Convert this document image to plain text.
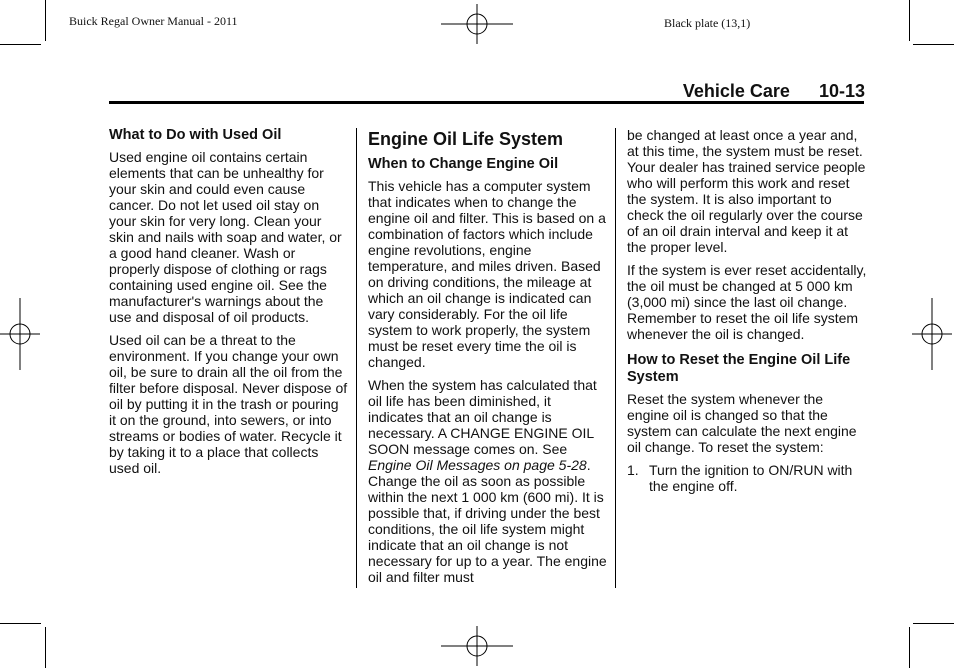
Buick Regal Owner Manual - 2011	Black plate (13,1)
Vehicle Care 10-13
What to Do with Used Oil

Used engine oil contains certain elements that can be unhealthy for your skin and could even cause cancer. Do not let used oil stay on your skin for very long. Clean your skin and nails with soap and water, or a good hand cleaner. Wash or properly dispose of clothing or rags containing used engine oil. See the manufacturer's warnings about the use and disposal of oil products.

Used oil can be a threat to the environment. If you change your own oil, be sure to drain all the oil from the filter before disposal. Never dispose of oil by putting it in the trash or pouring it on the ground, into sewers, or into streams or bodies of water. Recycle it by taking it to a place that collects used oil.

Engine Oil Life System
When to Change Engine Oil

This vehicle has a computer system that indicates when to change the engine oil and filter. This is based on a combination of factors which include engine revolutions, engine temperature, and miles driven. Based on driving conditions, the mileage at which an oil change is indicated can vary considerably. For the oil life system to work properly, the system must be reset every time the oil is changed.

When the system has calculated that oil life has been diminished, it indicates that an oil change is necessary. A CHANGE ENGINE OIL SOON message comes on. See Engine Oil Messages on page 5-28. Change the oil as soon as possible within the next 1 000 km (600 mi). It is possible that, if driving under the best conditions, the oil life system might indicate that an oil change is not necessary for up to a year. The engine oil and filter must

be changed at least once a year and, at this time, the system must be reset. Your dealer has trained service people who will perform this work and reset the system. It is also important to check the oil regularly over the course of an oil drain interval and keep it at the proper level.

If the system is ever reset accidentally, the oil must be changed at 5 000 km (3,000 mi) since the last oil change. Remember to reset the oil life system whenever the oil is changed.

How to Reset the Engine Oil Life System

Reset the system whenever the engine oil is changed so that the system can calculate the next engine oil change. To reset the system:

1. Turn the ignition to ON/RUN with the engine off.
